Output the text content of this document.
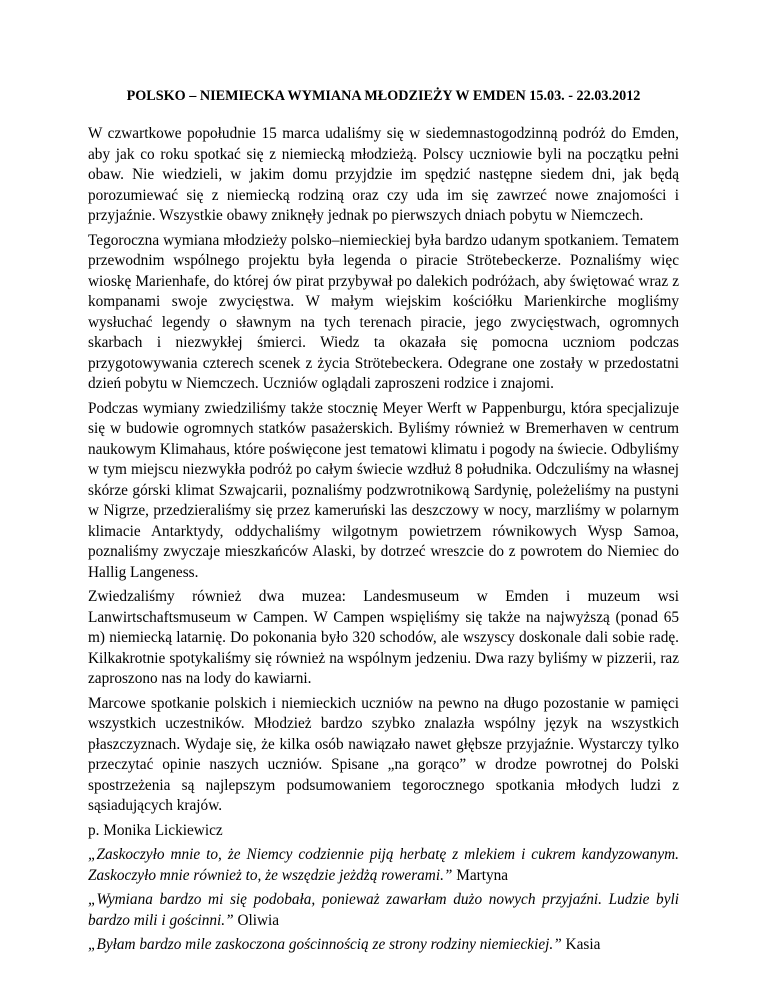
POLSKO – NIEMIECKA WYMIANA MŁODZIEŻY W EMDEN 15.03. - 22.03.2012

W czwartkowe popołudnie 15 marca udaliśmy się w siedemnastogodzinną podróż do Emden, aby jak co roku spotkać się z niemiecką młodzieżą. Polscy uczniowie byli na początku pełni obaw. Nie wiedzieli, w jakim domu przyjdzie im spędzić następne siedem dni, jak będą porozumiewać się z niemiecką rodziną oraz czy uda im się zawrzeć nowe znajomości i przyjaźnie. Wszystkie obawy zniknęły jednak po pierwszych dniach pobytu w Niemczech.

Tegoroczna wymiana młodzieży polsko–niemieckiej była bardzo udanym spotkaniem. Tematem przewodnim wspólnego projektu była legenda o piracie Strötebeckerze. Poznaliśmy więc wioskę Marienhafe, do której ów pirat przybywał po dalekich podróżach, aby świętować wraz z kompanami swoje zwycięstwa. W małym wiejskim kościółku Marienkirche mogliśmy wysłuchać legendy o sławnym na tych terenach piracie, jego zwycięstwach, ogromnych skarbach i niezwykłej śmierci. Wiedz ta okazała się pomocna uczniom podczas przygotowywania czterech scenek z życia Strötebeckera. Odegrane one zostały w przedostatni dzień pobytu w Niemczech. Uczniów oglądali zaproszeni rodzice i znajomi.

Podczas wymiany zwiedziliśmy także stocznię Meyer Werft w Pappenburgu, która specjalizuje się w budowie ogromnych statków pasażerskich. Byliśmy również w Bremerhaven w centrum naukowym Klimahaus, które poświęcone jest tematowi klimatu i pogody na świecie. Odbyliśmy w tym miejscu niezwykła podróż po całym świecie wzdłuż 8 południka. Odczuliśmy na własnej skórze górski klimat Szwajcarii, poznaliśmy podzwrotnikową Sardynię, poleżeliśmy na pustyni w Nigrze, przedzieraliśmy się przez kameruński las deszczowy w nocy, marzliśmy w polarnym klimacie Antarktydy, oddychaliśmy wilgotnym powietrzem równikowych Wysp Samoa, poznaliśmy zwyczaje mieszkańców Alaski, by dotrzeć wreszcie do z powrotem do Niemiec do Hallig Langeness.

Zwiedzaliśmy również dwa muzea: Landesmuseum w Emden i muzeum wsi Lanwirtschaftsmuseum w Campen. W Campen wspięliśmy się także na najwyższą (ponad 65 m) niemiecką latarnię. Do pokonania było 320 schodów, ale wszyscy doskonale dali sobie radę. Kilkakrotnie spotykaliśmy się również na wspólnym jedzeniu. Dwa razy byliśmy w pizzerii, raz zaproszono nas na lody do kawiarni.

Marcowe spotkanie polskich i niemieckich uczniów na pewno na długo pozostanie w pamięci wszystkich uczestników. Młodzież bardzo szybko znalazła wspólny język na wszystkich płaszczyznach. Wydaje się, że kilka osób nawiązało nawet głębsze przyjaźnie. Wystarczy tylko przeczytać opinie naszych uczniów. Spisane „na gorąco” w drodze powrotnej do Polski spostrzeżenia są najlepszym podsumowaniem tegorocznego spotkania młodych ludzi z sąsiadujących krajów.

p. Monika Lickiewicz

„Zaskoczyło mnie to, że Niemcy codziennie piją herbatę z mlekiem i cukrem kandyzowanym. Zaskoczyło mnie również to, że wszędzie jeżdżą rowerami.” Martyna

„Wymiana bardzo mi się podobała, ponieważ zawarłam dużo nowych przyjaźni. Ludzie byli bardzo mili i gościnni.” Oliwia

„Byłam bardzo mile zaskoczona gościnnością ze strony rodziny niemieckiej.” Kasia
